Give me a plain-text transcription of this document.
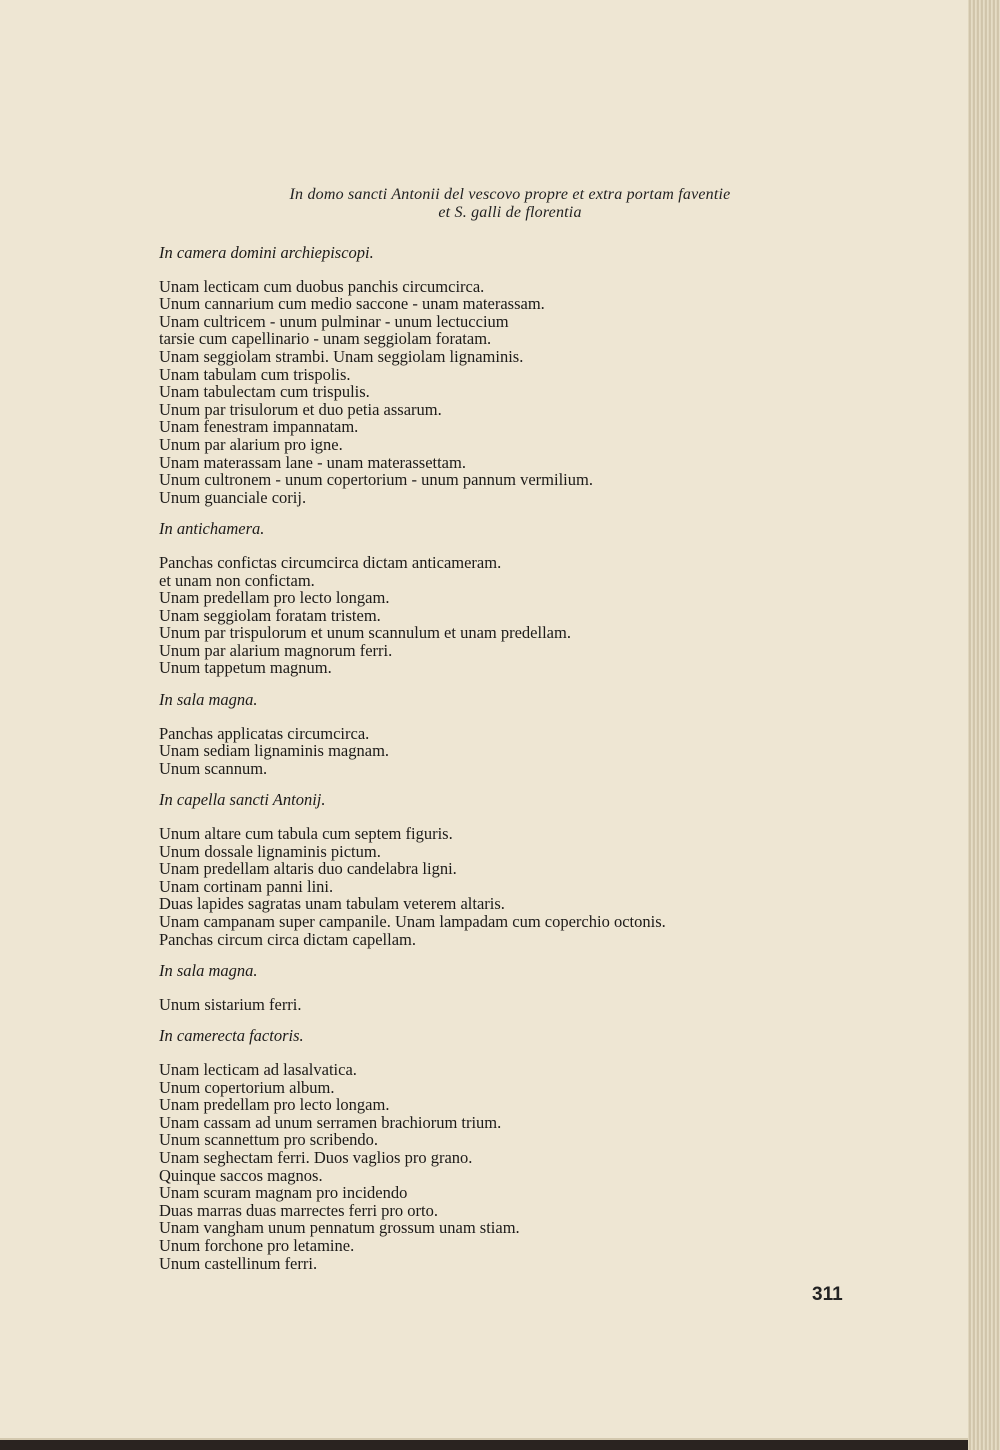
In domo sancti Antonii del vescovo propre et extra portam faventie
et S. galli de florentia
In camera domini archiepiscopi.
Unam lecticam cum duobus panchis circumcirca.
Unum cannarium cum medio saccone - unam materassam.
Unam cultricem - unum pulminar - unum lectuccium
tarsie cum capellinario - unam seggiolam foratam.
Unam seggiolam strambi. Unam seggiolam lignaminis.
Unam tabulam cum trispolis.
Unam tabulectam cum trispulis.
Unum par trisulorum et duo petia assarum.
Unam fenestram impannatam.
Unum par alarium pro igne.
Unam materassam lane - unam materassettam.
Unum cultronem - unum copertorium - unum pannum vermilium.
Unum guanciale corij.
In antichamera.
Panchas confictas circumcirca dictam anticameram.
et unam non confictam.
Unam predellam pro lecto longam.
Unam seggiolam foratam tristem.
Unum par trispulorum et unum scannulum et unam predellam.
Unum par alarium magnorum ferri.
Unum tappetum magnum.
In sala magna.
Panchas applicatas circumcirca.
Unam sediam lignaminis magnam.
Unum scannum.
In capella sancti Antonij.
Unum altare cum tabula cum septem figuris.
Unum dossale lignaminis pictum.
Unam predellam altaris duo candelabra ligni.
Unam cortinam panni lini.
Duas lapides sagratas unam tabulam veterem altaris.
Unam campanam super campanile. Unam lampadam cum coperchio octonis.
Panchas circum circa dictam capellam.
In sala magna.
Unum sistarium ferri.
In camerecta factoris.
Unam lecticam ad lasalvatica.
Unum copertorium album.
Unam predellam pro lecto longam.
Unam cassam ad unum serramen brachiorum trium.
Unum scannettum pro scribendo.
Unam seghectam ferri. Duos vaglios pro grano.
Quinque saccos magnos.
Unam scuram magnam pro incidendo
Duas marras duas marrectes ferri pro orto.
Unam vangham unum pennatum grossum unam stiam.
Unum forchone pro letamine.
Unum castellinum ferri.
311
